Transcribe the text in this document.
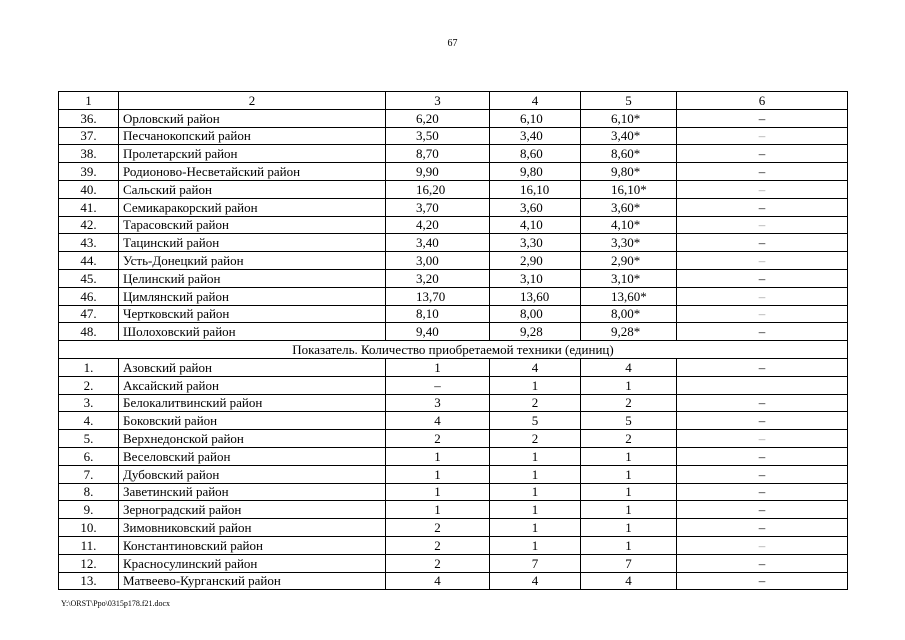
67
1	2	3	4	5	6
36.	Орловский район	6,20	6,10	6,10*	–
37.	Песчанокопский район	3,50	3,40	3,40*	–
38.	Пролетарский район	8,70	8,60	8,60*	–
39.	Родионово-Несветайский район	9,90	9,80	9,80*	–
40.	Сальский район	16,20	16,10	16,10*	–
41.	Семикаракорский район	3,70	3,60	3,60*	–
42.	Тарасовский район	4,20	4,10	4,10*	–
43.	Тацинский район	3,40	3,30	3,30*	–
44.	Усть-Донецкий район	3,00	2,90	2,90*	–
45.	Целинский район	3,20	3,10	3,10*	–
46.	Цимлянский район	13,70	13,60	13,60*	–
47.	Чертковский район	8,10	8,00	8,00*	–
48.	Шолоховский район	9,40	9,28	9,28*	–
Показатель. Количество приобретаемой техники (единиц)					
1.	Азовский район	1	4	4	–
2.	Аксайский район	–	1	1	
3.	Белокалитвинский район	3	2	2	–
4.	Боковский район	4	5	5	–
5.	Верхнедонской район	2	2	2	–
6.	Веселовский район	1	1	1	–
7.	Дубовский район	1	1	1	–
8.	Заветинский район	1	1	1	–
9.	Зерноградский район	1	1	1	–
10.	Зимовниковский район	2	1	1	–
11.	Константиновский район	2	1	1	–
12.	Красносулинский район	2	7	7	–
13.	Матвеево-Курганский район	4	4	4	–
Y:\ORST\Ppo\0315p178.f21.docx
